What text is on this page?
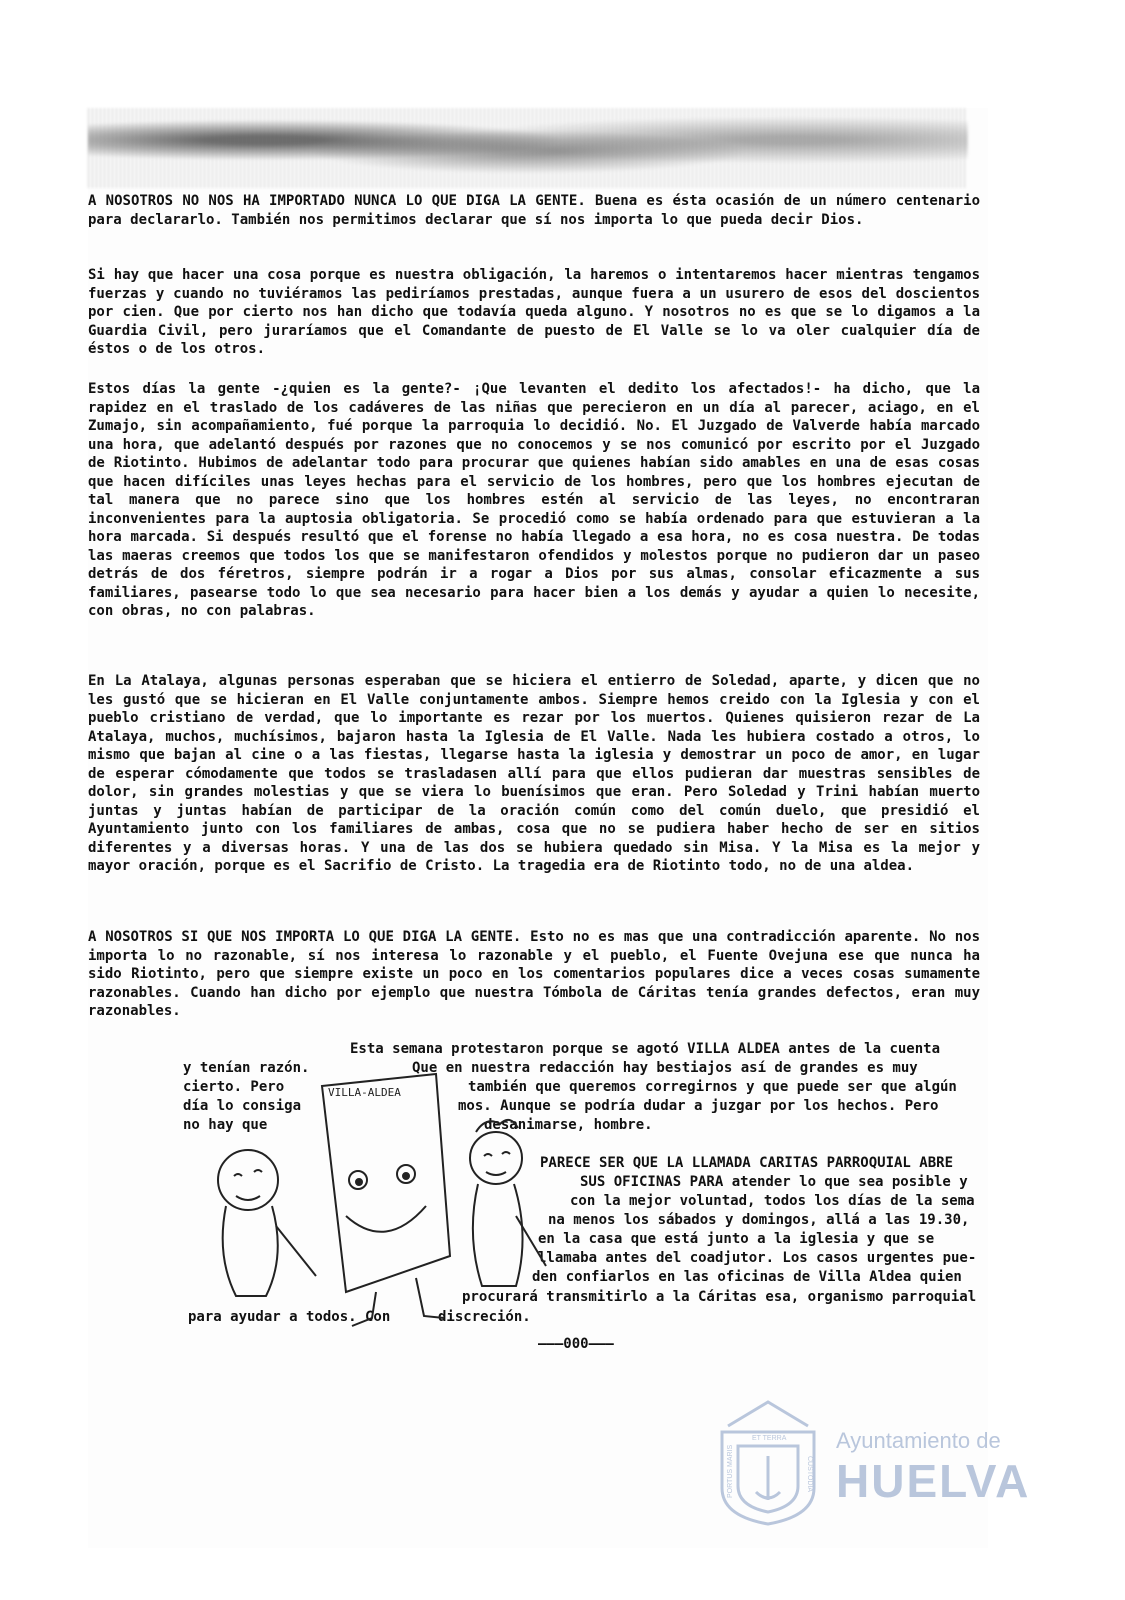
A NOSOTROS NO NOS HA IMPORTADO NUNCA LO QUE DIGA LA GENTE. Buena es ésta ocasión de un número centenario para declararlo. También nos permitimos declarar que sí nos importa lo que pueda decir Dios.
Si hay que hacer una cosa porque es nuestra obligación, la haremos o intentaremos hacer mientras tengamos fuerzas y cuando no tuviéramos las pediríamos prestadas, aunque fuera a un usurero de esos del doscientos por cien. Que por cierto nos han dicho que todavía queda alguno. Y nosotros no es que se lo digamos a la Guardia Civil, pero juraríamos que el Comandante de puesto de El Valle se lo va oler cualquier día de éstos o de los otros.
Estos días la gente -¿quien es la gente?- ¡Que levanten el dedito los afectados!- ha dicho, que la rapidez en el traslado de los cadáveres de las niñas que perecieron en un día al parecer, aciago, en el Zumajo, sin acompañamiento, fué porque la parroquia lo decidió. No. El Juzgado de Valverde había marcado una hora, que adelantó después por razones que no conocemos y se nos comunicó por escrito por el Juzgado de Riotinto. Hubimos de adelantar todo para procurar que quienes habían sido amables en una de esas cosas que hacen difíciles unas leyes hechas para el servicio de los hombres, pero que los hombres ejecutan de tal manera que no parece sino que los hombres estén al servicio de las leyes, no encontraran inconvenientes para la auptosia obligatoria. Se procedió como se había ordenado para que estuvieran a la hora marcada. Si después resultó que el forense no había llegado a esa hora, no es cosa nuestra. De todas las maeras creemos que todos los que se manifestaron ofendidos y molestos porque no pudieron dar un paseo detrás de dos féretros, siempre podrán ir a rogar a Dios por sus almas, consolar eficazmente a sus familiares, pasearse todo lo que sea necesario para hacer bien a los demás y ayudar a quien lo necesite, con obras, no con palabras.
En La Atalaya, algunas personas esperaban que se hiciera el entierro de Soledad, aparte, y dicen que no les gustó que se hicieran en El Valle conjuntamente ambos. Siempre hemos creido con la Iglesia y con el pueblo cristiano de verdad, que lo importante es rezar por los muertos. Quienes quisieron rezar de La Atalaya, muchos, muchísimos, bajaron hasta la Iglesia de El Valle. Nada les hubiera costado a otros, lo mismo que bajan al cine o a las fiestas, llegarse hasta la iglesia y demostrar un poco de amor, en lugar de esperar cómodamente que todos se trasladasen allí para que ellos pudieran dar muestras sensibles de dolor, sin grandes molestias y que se viera lo buenísimos que eran. Pero Soledad y Trini habían muerto juntas y juntas habían de participar de la oración común como del común duelo, que presidió el Ayuntamiento junto con los familiares de ambas, cosa que no se pudiera haber hecho de ser en sitios diferentes y a diversas horas. Y una de las dos se hubiera quedado sin Misa. Y la Misa es la mejor y mayor oración, porque es el Sacrifio de Cristo. La tragedia era de Riotinto todo, no de una aldea.
A NOSOTROS SI QUE NOS IMPORTA LO QUE DIGA LA GENTE. Esto no es mas que una contradicción aparente. No nos importa lo no razonable, sí nos interesa lo razonable y el pueblo, el Fuente Ovejuna ese que nunca ha sido Riotinto, pero que siempre existe un poco en los comentarios populares dice a veces cosas sumamente razonables. Cuando han dicho por ejemplo que nuestra Tómbola de Cáritas tenía grandes defectos, eran muy razonables.
Esta semana protestaron porque se agotó VILLA ALDEA antes de la cuenta
y tenían razón.	Que en nuestra redacción hay bestiajos así de grandes es muy
cierto. Pero	también que queremos corregirnos y que puede ser que algún
día lo consiga	mos. Aunque se podría dudar a juzgar por los hechos. Pero
no hay que	desanimarse, hombre.
PARECE SER QUE LA LLAMADA CARITAS PARROQUIAL ABRE
SUS OFICINAS PARA atender lo que sea posible y
con la mejor voluntad, todos los días de la sema
na menos los sábados y domingos, allá a las 19.30,
en la casa que está junto a la iglesia y que se
llamaba antes del coadjutor. Los casos urgentes pue-
den confiarlos en las oficinas de Villa Aldea quien
procurará transmitirlo a la Cáritas esa, organismo parroquial
para ayudar a todos. Con	discreción.
VILLA-ALDEA
———000———
ET TERRA
PORTUS MARIS	CUSTODIA
Ayuntamiento de
HUELVA
